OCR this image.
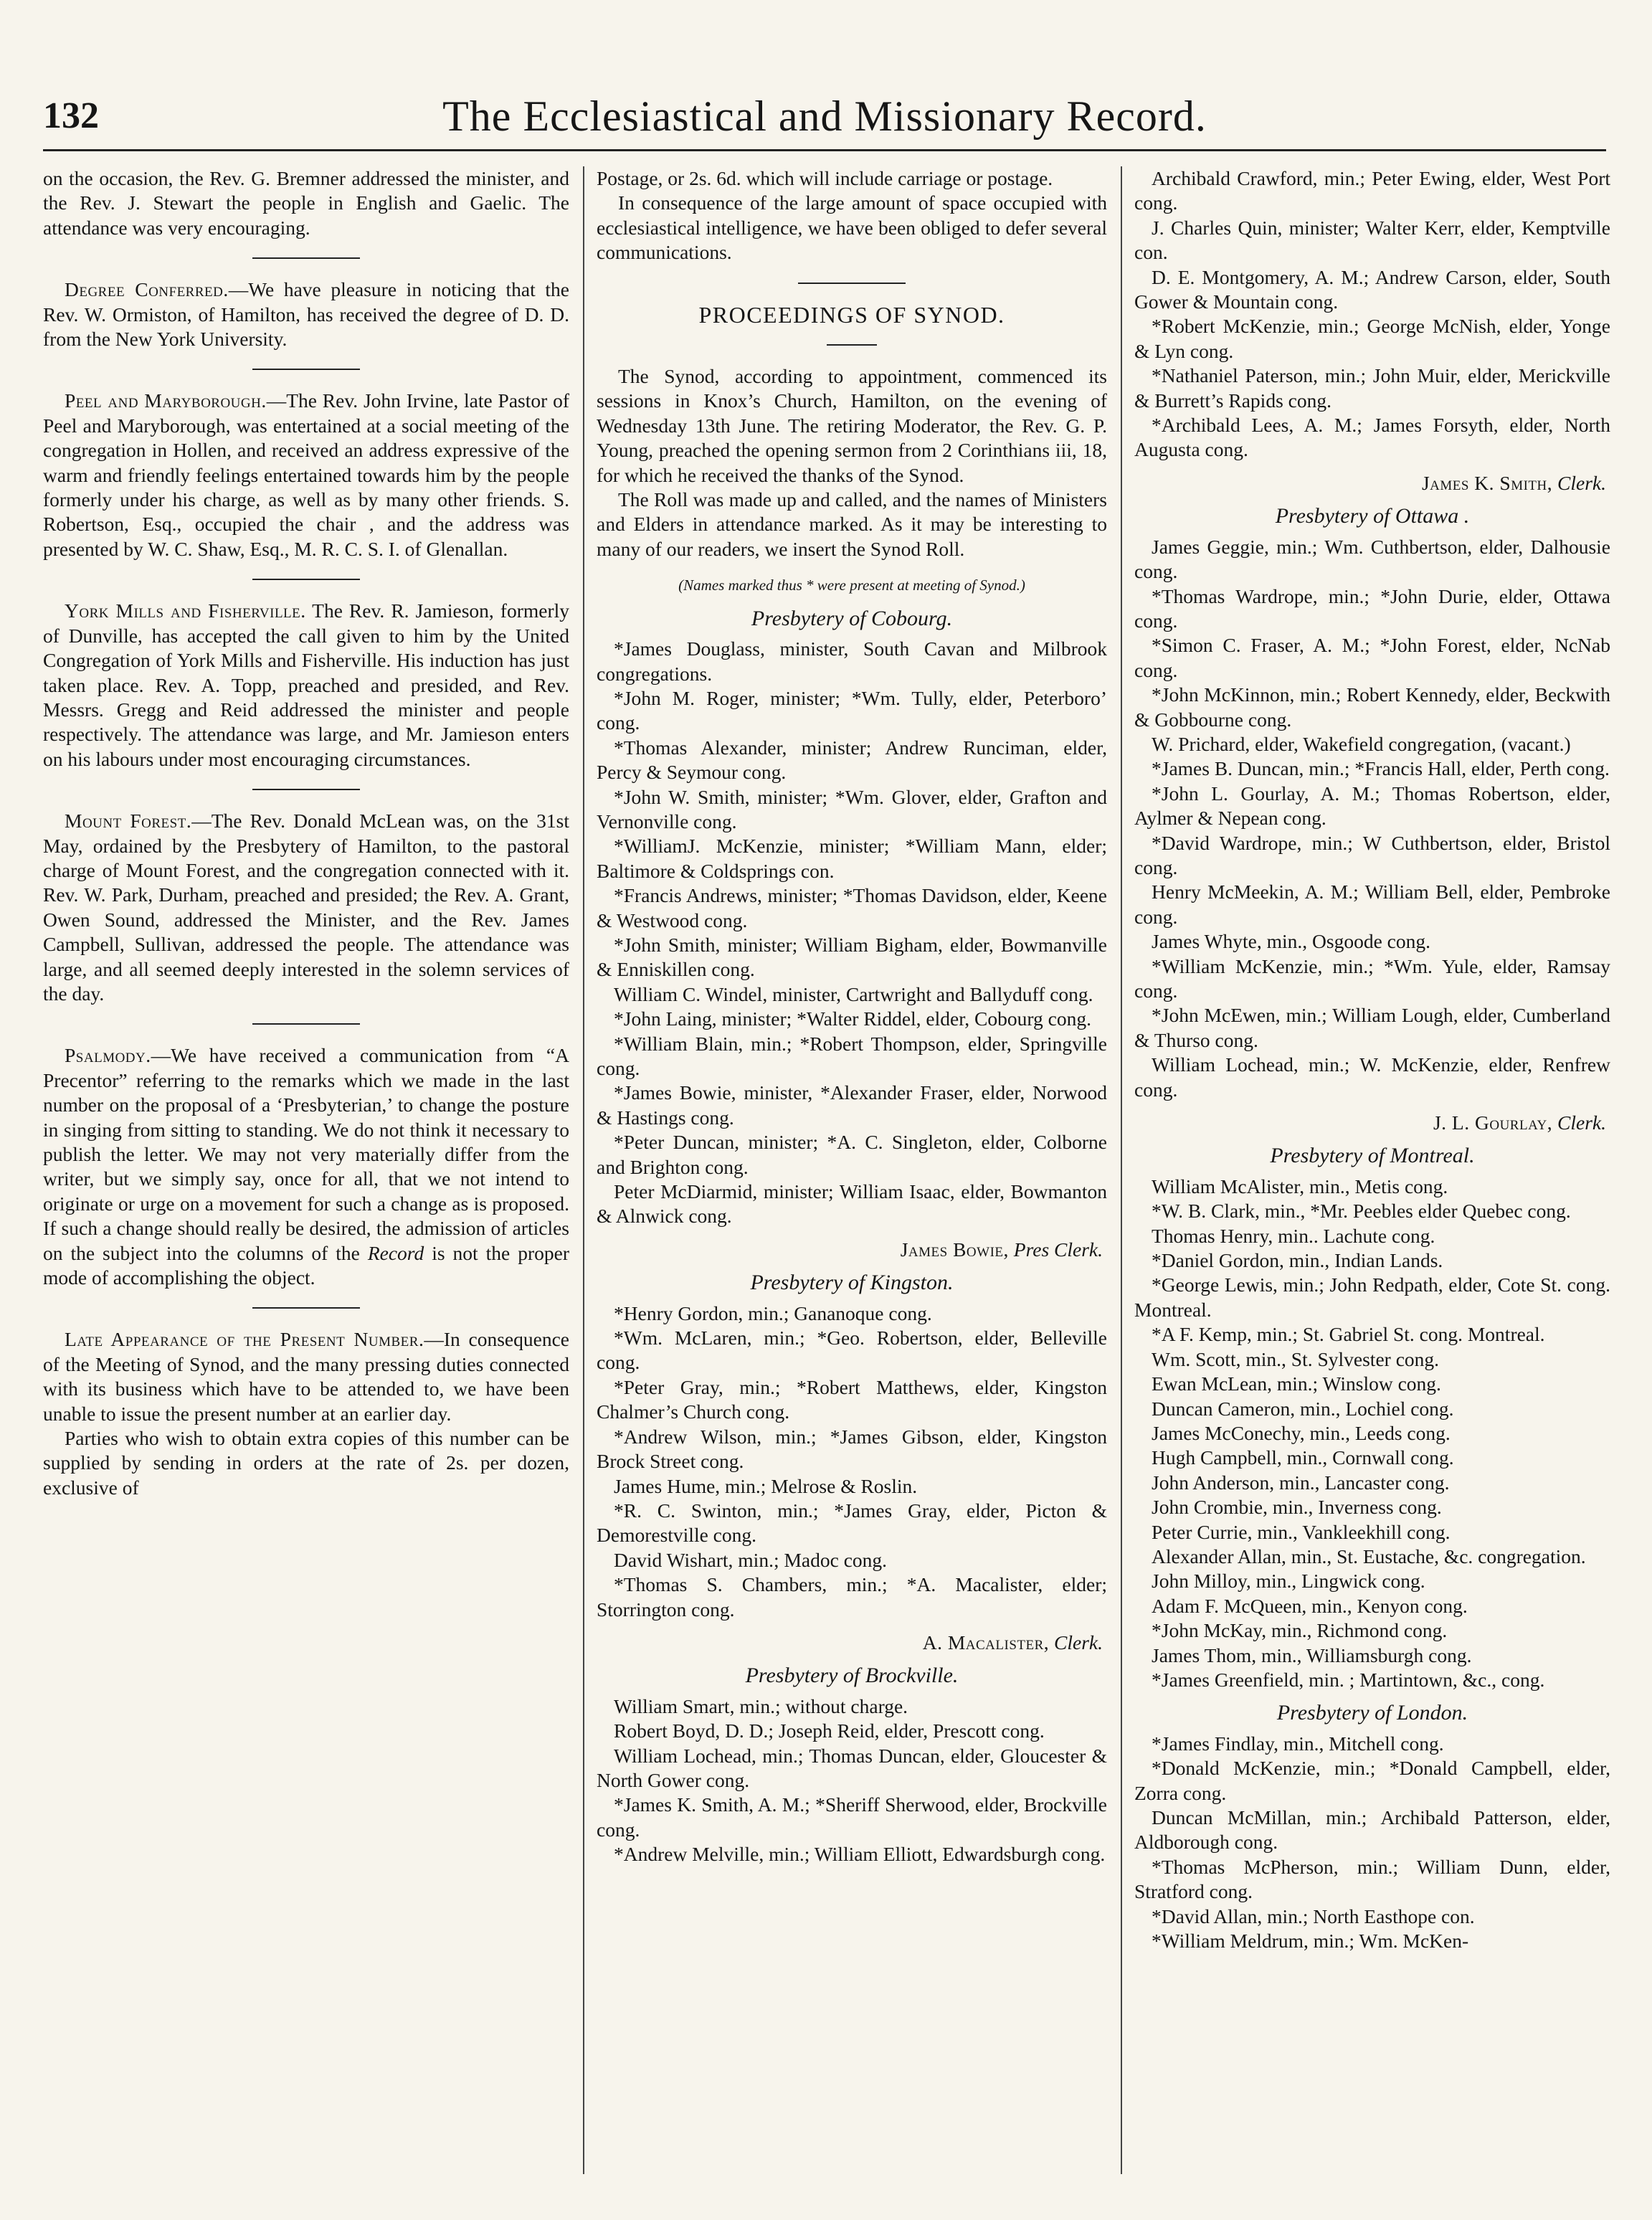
132	The Ecclesiastical and Missionary Record.

on the occasion, the Rev. G. Bremner addressed the minister, and the Rev. J. Stewart the people in English and Gaelic. The attendance was very encouraging.

Degree Conferred.—We have pleasure in noticing that the Rev. W. Ormiston, of Hamilton, has received the degree of D. D. from the New York University.

Peel and Maryborough.—The Rev. John Irvine, late Pastor of Peel and Maryborough, was entertained at a social meeting of the congregation in Hollen, and received an address expressive of the warm and friendly feelings entertained towards him by the people formerly under his charge, as well as by many other friends. S. Robertson, Esq., occupied the chair , and the address was presented by W. C. Shaw, Esq., M. R. C. S. I. of Glenallan.

York Mills and Fisherville. The Rev. R. Jamieson, formerly of Dunville, has accepted the call given to him by the United Congregation of York Mills and Fisherville. His induction has just taken place. Rev. A. Topp, preached and presided, and Rev. Messrs. Gregg and Reid addressed the minister and people respectively. The attendance was large, and Mr. Jamieson enters on his labours under most encouraging circumstances.

Mount Forest.—The Rev. Donald McLean was, on the 31st May, ordained by the Presbytery of Hamilton, to the pastoral charge of Mount Forest, and the congregation connected with it. Rev. W. Park, Durham, preached and presided; the Rev. A. Grant, Owen Sound, addressed the Minister, and the Rev. James Campbell, Sullivan, addressed the people. The attendance was large, and all seemed deeply interested in the solemn services of the day.

Psalmody.—We have received a communication from “A Precentor” referring to the remarks which we made in the last number on the proposal of a ‘Presbyterian,’ to change the posture in singing from sitting to standing. We do not think it necessary to publish the letter. We may not very materially differ from the writer, but we simply say, once for all, that we not intend to originate or urge on a movement for such a change as is proposed. If such a change should really be desired, the admission of articles on the subject into the columns of the Record is not the proper mode of accomplishing the object.

Late Appearance of the Present Number.—In consequence of the Meeting of Synod, and the many pressing duties connected with its business which have to be attended to, we have been unable to issue the present number at an earlier day.

Parties who wish to obtain extra copies of this number can be supplied by sending in orders at the rate of 2s. per dozen, exclusive of

Postage, or 2s. 6d. which will include carriage or postage.

In consequence of the large amount of space occupied with ecclesiastical intelligence, we have been obliged to defer several communications.

PROCEEDINGS OF SYNOD.

The Synod, according to appointment, commenced its sessions in Knox’s Church, Hamilton, on the evening of Wednesday 13th June. The retiring Moderator, the Rev. G. P. Young, preached the opening sermon from 2 Corinthians iii, 18, for which he received the thanks of the Synod.

The Roll was made up and called, and the names of Ministers and Elders in attendance marked. As it may be interesting to many of our readers, we insert the Synod Roll.

(Names marked thus * were present at meeting of Synod.)
Presbytery of Cobourg.

*James Douglass, minister, South Cavan and Milbrook congregations.

*John M. Roger, minister; *Wm. Tully, elder, Peterboro’ cong.

*Thomas Alexander, minister; Andrew Runciman, elder, Percy & Seymour cong.

*John W. Smith, minister; *Wm. Glover, elder, Grafton and Vernonville cong.

*WilliamJ. McKenzie, minister; *William Mann, elder; Baltimore & Coldsprings con.

*Francis Andrews, minister; *Thomas Davidson, elder, Keene & Westwood cong.

*John Smith, minister; William Bigham, elder, Bowmanville & Enniskillen cong.

William C. Windel, minister, Cartwright and Ballyduff cong.

*John Laing, minister; *Walter Riddel, elder, Cobourg cong.

*William Blain, min.; *Robert Thompson, elder, Springville cong.

*James Bowie, minister, *Alexander Fraser, elder, Norwood & Hastings cong.

*Peter Duncan, minister; *A. C. Singleton, elder, Colborne and Brighton cong.

Peter McDiarmid, minister; William Isaac, elder, Bowmanton & Alnwick cong.

James Bowie, Pres Clerk.
Presbytery of Kingston.

*Henry Gordon, min.; Gananoque cong.

*Wm. McLaren, min.; *Geo. Robertson, elder, Belleville cong.

*Peter Gray, min.; *Robert Matthews, elder, Kingston Chalmer’s Church cong.

*Andrew Wilson, min.; *James Gibson, elder, Kingston Brock Street cong.

James Hume, min.; Melrose & Roslin.

*R. C. Swinton, min.; *James Gray, elder, Picton & Demorestville cong.

David Wishart, min.; Madoc cong.

*Thomas S. Chambers, min.; *A. Macalister, elder; Storrington cong.

A. Macalister, Clerk.
Presbytery of Brockville.

William Smart, min.; without charge.

Robert Boyd, D. D.; Joseph Reid, elder, Prescott cong.

William Lochead, min.; Thomas Duncan, elder, Gloucester & North Gower cong.

*James K. Smith, A. M.; *Sheriff Sherwood, elder, Brockville cong.

*Andrew Melville, min.; William Elliott, Edwardsburgh cong.

Archibald Crawford, min.; Peter Ewing, elder, West Port cong.

J. Charles Quin, minister; Walter Kerr, elder, Kemptville con.

D. E. Montgomery, A. M.; Andrew Carson, elder, South Gower & Mountain cong.

*Robert McKenzie, min.; George McNish, elder, Yonge & Lyn cong.

*Nathaniel Paterson, min.; John Muir, elder, Merickville & Burrett’s Rapids cong.

*Archibald Lees, A. M.; James Forsyth, elder, North Augusta cong.

James K. Smith, Clerk.
Presbytery of Ottawa .

James Geggie, min.; Wm. Cuthbertson, elder, Dalhousie cong.

*Thomas Wardrope, min.; *John Durie, elder, Ottawa cong.

*Simon C. Fraser, A. M.; *John Forest, elder, NcNab cong.

*John McKinnon, min.; Robert Kennedy, elder, Beckwith & Gobbourne cong.

W. Prichard, elder, Wakefield congregation, (vacant.)

*James B. Duncan, min.; *Francis Hall, elder, Perth cong.

*John L. Gourlay, A. M.; Thomas Robertson, elder, Aylmer & Nepean cong.

*David Wardrope, min.; W Cuthbertson, elder, Bristol cong.

Henry McMeekin, A. M.; William Bell, elder, Pembroke cong.

James Whyte, min., Osgoode cong.

*William McKenzie, min.; *Wm. Yule, elder, Ramsay cong.

*John McEwen, min.; William Lough, elder, Cumberland & Thurso cong.

William Lochead, min.; W. McKenzie, elder, Renfrew cong.

J. L. Gourlay, Clerk.
Presbytery of Montreal.

William McAlister, min., Metis cong.

*W. B. Clark, min., *Mr. Peebles elder Quebec cong.

Thomas Henry, min.. Lachute cong.

*Daniel Gordon, min., Indian Lands.

*George Lewis, min.; John Redpath, elder, Cote St. cong. Montreal.

*A F. Kemp, min.; St. Gabriel St. cong. Montreal.

Wm. Scott, min., St. Sylvester cong.

Ewan McLean, min.; Winslow cong.

Duncan Cameron, min., Lochiel cong.

James McConechy, min., Leeds cong.

Hugh Campbell, min., Cornwall cong.

John Anderson, min., Lancaster cong.

John Crombie, min., Inverness cong.

Peter Currie, min., Vankleekhill cong.

Alexander Allan, min., St. Eustache, &c. congregation.

John Milloy, min., Lingwick cong.

Adam F. McQueen, min., Kenyon cong.

*John McKay, min., Richmond cong.

James Thom, min., Williamsburgh cong.

*James Greenfield, min. ; Martintown, &c., cong.

Presbytery of London.

*James Findlay, min., Mitchell cong.

*Donald McKenzie, min.; *Donald Campbell, elder, Zorra cong.

Duncan McMillan, min.; Archibald Patterson, elder, Aldborough cong.

*Thomas McPherson, min.; William Dunn, elder, Stratford cong.

*David Allan, min.; North Easthope con.

*William Meldrum, min.; Wm. McKen-
